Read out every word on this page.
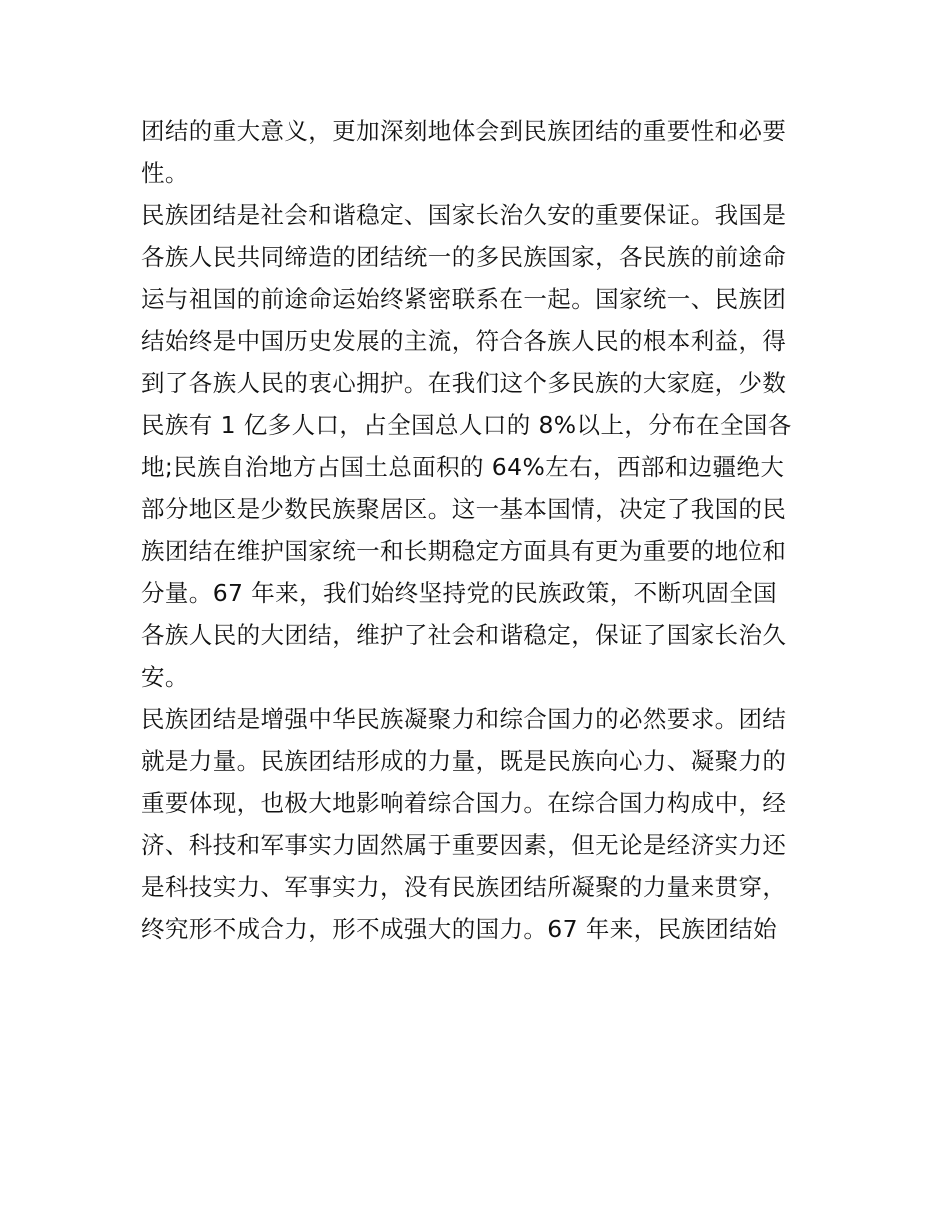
团结的重大意义，更加深刻地体会到民族团结的重要性和必要
性。
民族团结是社会和谐稳定、国家长治久安的重要保证。我国是
各族人民共同缔造的团结统一的多民族国家，各民族的前途命
运与祖国的前途命运始终紧密联系在一起。国家统一、民族团
结始终是中国历史发展的主流，符合各族人民的根本利益，得
到了各族人民的衷心拥护。在我们这个多民族的大家庭，少数
民族有 1 亿多人口，占全国总人口的 8%以上，分布在全国各
地;民族自治地方占国土总面积的 64%左右，西部和边疆绝大
部分地区是少数民族聚居区。这一基本国情，决定了我国的民
族团结在维护国家统一和长期稳定方面具有更为重要的地位和
分量。67 年来，我们始终坚持党的民族政策，不断巩固全国
各族人民的大团结，维护了社会和谐稳定，保证了国家长治久
安。
民族团结是增强中华民族凝聚力和综合国力的必然要求。团结
就是力量。民族团结形成的力量，既是民族向心力、凝聚力的
重要体现，也极大地影响着综合国力。在综合国力构成中，经
济、科技和军事实力固然属于重要因素，但无论是经济实力还
是科技实力、军事实力，没有民族团结所凝聚的力量来贯穿，
终究形不成合力，形不成强大的国力。67 年来，民族团结始
